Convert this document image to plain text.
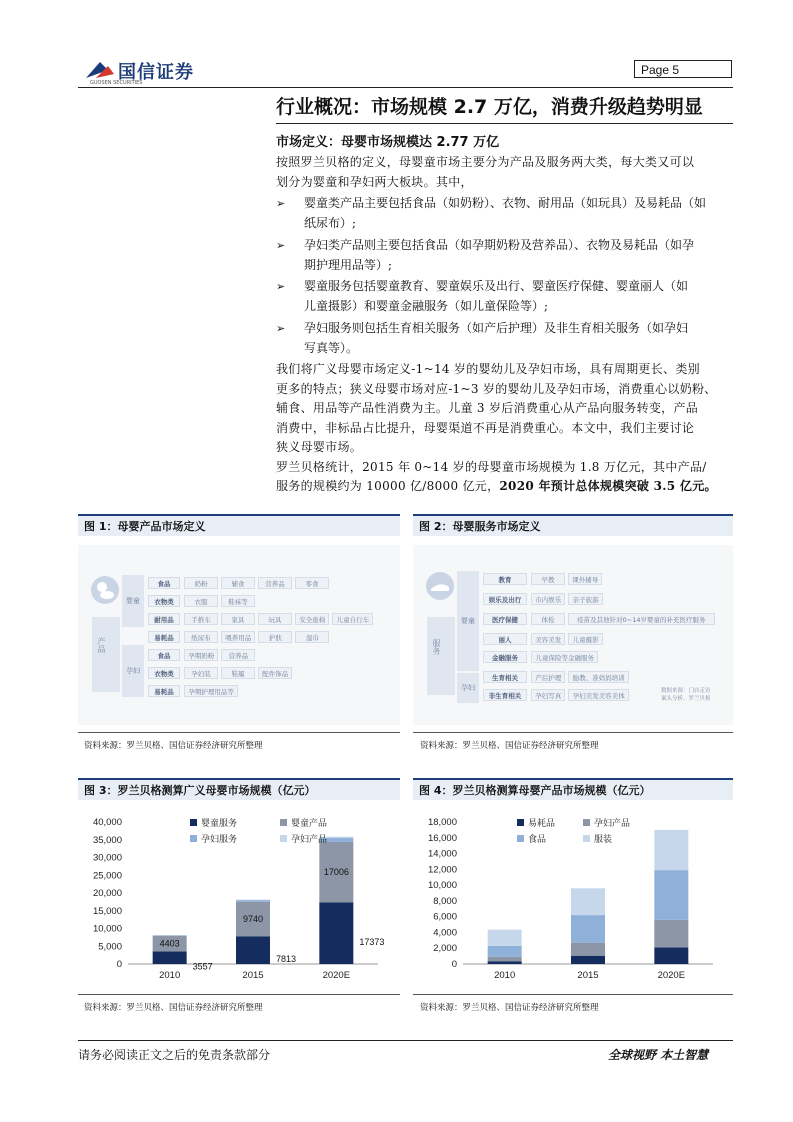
国信证券
GUOSEN SECURITIES
Page 5
行业概况：市场规模 2.7 万亿，消费升级趋势明显
市场定义：母婴市场规模达 2.77 万亿
按照罗兰贝格的定义，母婴童市场主要分为产品及服务两大类，每大类又可以
划分为婴童和孕妇两大板块。其中，
➢ 婴童类产品主要包括食品（如奶粉）、衣物、耐用品（如玩具）及易耗品（如
纸尿布）;
➢ 孕妇类产品则主要包括食品（如孕期奶粉及营养品）、衣物及易耗品（如孕
期护理用品等）;
➢ 婴童服务包括婴童教育、婴童娱乐及出行、婴童医疗保健、婴童丽人（如
儿童摄影）和婴童金融服务（如儿童保险等）;
➢ 孕妇服务则包括生育相关服务（如产后护理）及非生育相关服务（如孕妇
写真等）。
我们将广义母婴市场定义-1~14 岁的婴幼儿及孕妇市场，具有周期更长、类别
更多的特点；狭义母婴市场对应-1~3 岁的婴幼儿及孕妇市场，消费重心以奶粉、
辅食、用品等产品性消费为主。儿童 3 岁后消费重心从产品向服务转变，产品
消费中，非标品占比提升，母婴渠道不再是消费重心。本文中，我们主要讨论
狭义母婴市场。
罗兰贝格统计，2015 年 0~14 岁的母婴童市场规模为 1.8 万亿元，其中产品/
服务的规模约为 10000 亿/8000 亿元，2020 年预计总体规模突破 3.5 亿元。
图 1：母婴产品市场定义
产品
婴童
孕妇
食品	奶粉	辅食	营养品	零食
衣物类	衣服	鞋袜等
耐用品	手推车	家具	玩具	安全座椅	儿童自行车
易耗品	纸尿布	喂养用品	护肤	湿巾
食品	孕期奶粉	营养品
衣物类	孕妇装	鞋履	配件饰品
易耗品	孕期护理用品等
资料来源：罗兰贝格、国信证券经济研究所整理
图 2：母婴服务市场定义
服务
婴童
孕妇
教育	早教	课外辅导
娱乐及出行	市内娱乐	亲子旅游
医疗保健	体检	疫苗及其他针对0~14岁婴童的补充医疗服务
丽人	美容美发	儿童摄影
金融服务	儿童保险等金融服务
生育相关	产后护理	胎教、准妈妈培训
非生育相关	孕妇写真	孕妇美发美容美体
数据来源：门店走访
案头分析、罗兰贝格
资料来源：罗兰贝格、国信证券经济研究所整理
图 3：罗兰贝格测算广义母婴市场规模（亿元）
0
5,000
10,000
15,000
20,000
25,000
30,000
35,000
40,000
2010	2015	2020E
婴童服务	婴童产品
孕妇服务	孕妇产品
3557
4403
7813
9740
17373
17006
资料来源：罗兰贝格、国信证券经济研究所整理
图 4：罗兰贝格测算母婴产品市场规模（亿元）
0
2,000
4,000
6,000
8,000
10,000
12,000
14,000
16,000
18,000
2010	2015	2020E
易耗品	孕妇产品
食品	服装
资料来源：罗兰贝格、国信证券经济研究所整理
请务必阅读正文之后的免责条款部分	全球视野 本土智慧
